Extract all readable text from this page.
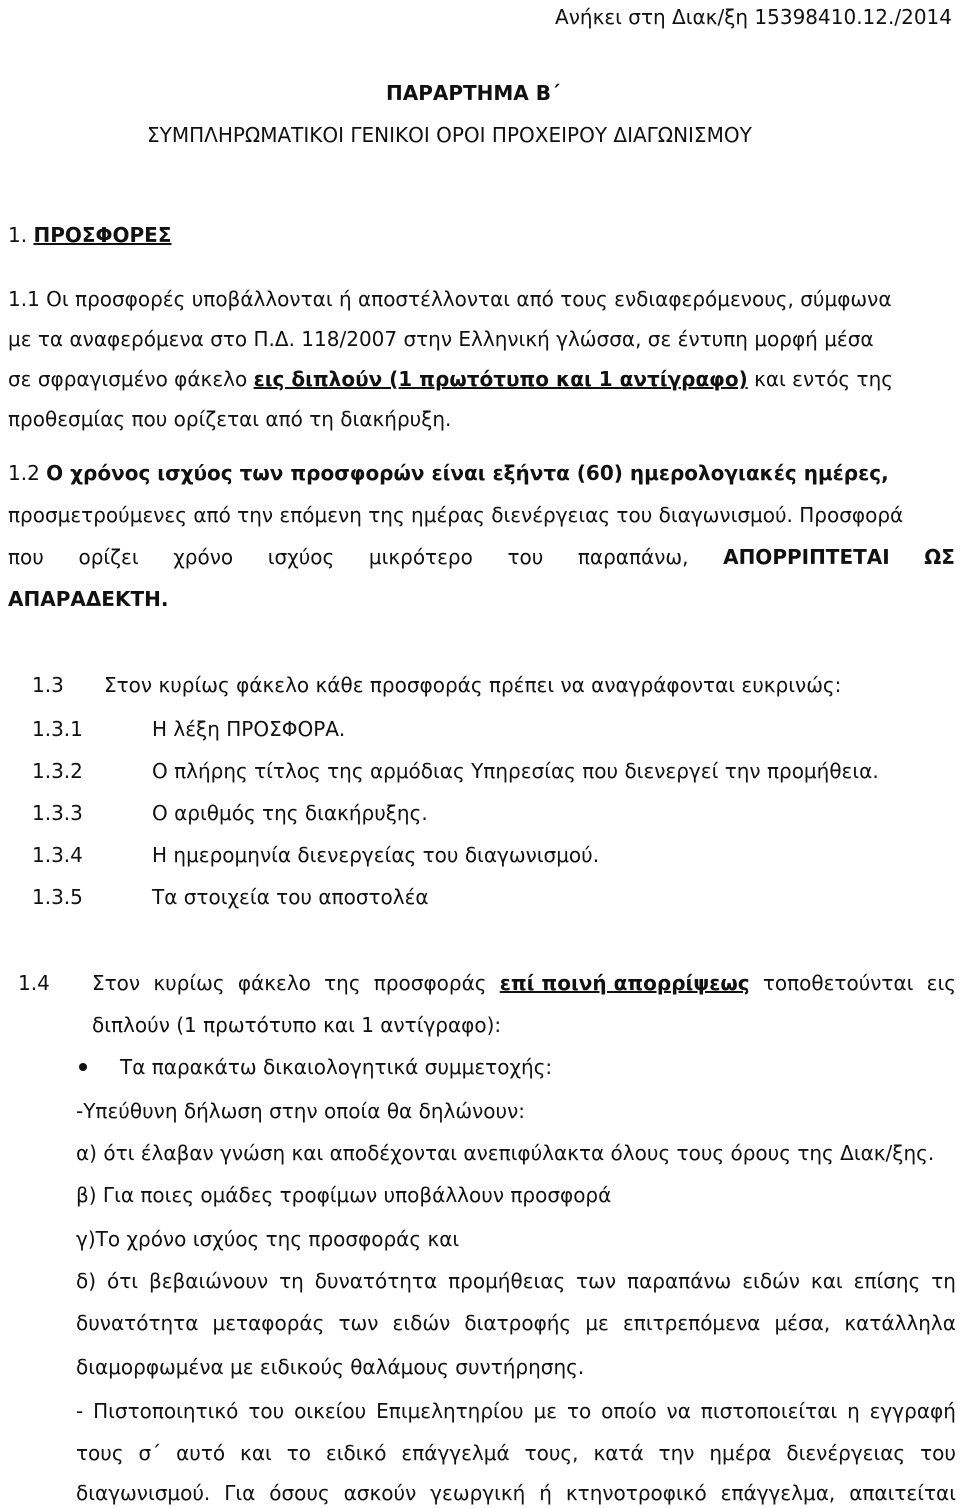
Ανήκει στη Διακ/ξη 15398410.12./2014
ΠΑΡΑΡΤΗΜΑ Β΄
ΣΥΜΠΛΗΡΩΜΑΤΙΚΟΙ ΓΕΝΙΚΟΙ ΟΡΟΙ ΠΡΟΧΕΙΡΟΥ ΔΙΑΓΩΝΙΣΜΟΥ
1. ΠΡΟΣΦΟΡΕΣ
1.1 Οι προσφορές υποβάλλονται ή αποστέλλονται από τους ενδιαφερόμενους, σύμφωνα
με τα αναφερόμενα στο Π.Δ. 118/2007 στην Ελληνική γλώσσα, σε έντυπη μορφή μέσα
σε σφραγισμένο φάκελο εις διπλούν (1 πρωτότυπο και 1 αντίγραφο) και εντός της
προθεσμίας που ορίζεται από τη διακήρυξη.
1.2 Ο χρόνος ισχύος των προσφορών είναι εξήντα (60) ημερολογιακές ημέρες,
προσμετρούμενες από την επόμενη της ημέρας διενέργειας του διαγωνισμού. Προσφορά
που ορίζει χρόνο ισχύος μικρότερο του παραπάνω, ΑΠΟΡΡΙΠΤΕΤΑΙ ΩΣ
ΑΠΑΡΑΔΕΚΤΗ.
1.3 Στον κυρίως φάκελο κάθε προσφοράς πρέπει να αναγράφονται ευκρινώς:
1.3.1	Η λέξη ΠΡΟΣΦΟΡΑ.
1.3.2	Ο πλήρης τίτλος της αρμόδιας Υπηρεσίας που διενεργεί την προμήθεια.
1.3.3	Ο αριθμός της διακήρυξης.
1.3.4	Η ημερομηνία διενεργείας του διαγωνισμού.
1.3.5	Τα στοιχεία του αποστολέα
1.4 Στον κυρίως φάκελο της προσφοράς επί ποινή απορρίψεως τοποθετούνται εις
διπλούν (1 πρωτότυπο και 1 αντίγραφο):
Τα παρακάτω δικαιολογητικά συμμετοχής:
-Υπεύθυνη δήλωση στην οποία θα δηλώνουν:
α) ότι έλαβαν γνώση και αποδέχονται ανεπιφύλακτα όλους τους όρους της Διακ/ξης.
β) Για ποιες ομάδες τροφίμων υποβάλλουν προσφορά
γ)Το χρόνο ισχύος της προσφοράς και
δ) ότι βεβαιώνουν τη δυνατότητα προμήθειας των παραπάνω ειδών και επίσης τη
δυνατότητα μεταφοράς των ειδών διατροφής με επιτρεπόμενα μέσα, κατάλληλα
διαμορφωμένα με ειδικούς θαλάμους συντήρησης.
- Πιστοποιητικό του οικείου Επιμελητηρίου με το οποίο να πιστοποιείται η εγγραφή
τους σ΄ αυτό και το ειδικό επάγγελμά τους, κατά την ημέρα διενέργειας του
διαγωνισμού. Για όσους ασκούν γεωργική ή κτηνοτροφικό επάγγελμα, απαιτείται
